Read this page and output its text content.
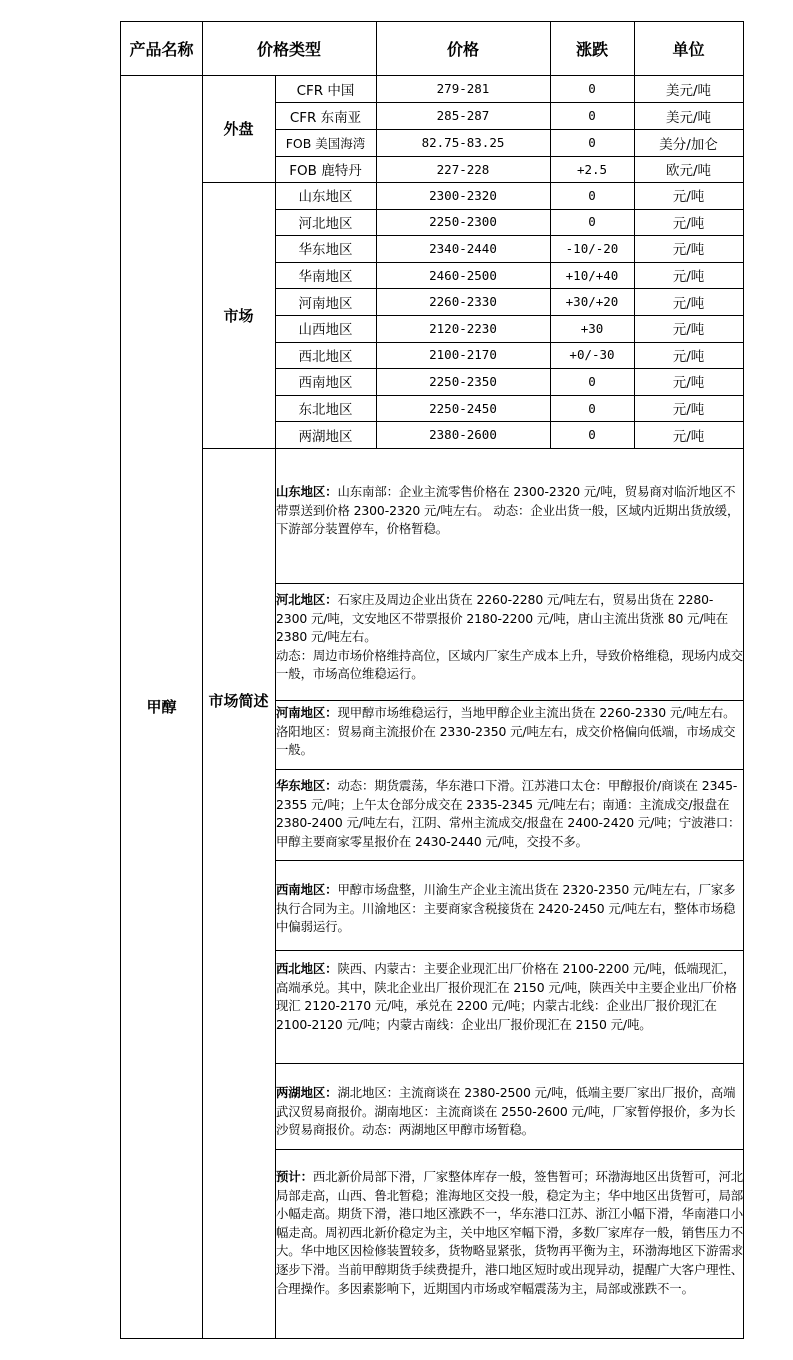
产品名称	价格类型	价格	涨跌	单位
甲醇
外盘
市场
市场简述
CFR 中国	279-281	0	美元/吨
CFR 东南亚	285-287	0	美元/吨
FOB 美国海湾	82.75-83.25	0	美分/加仑
FOB 鹿特丹	227-228	+2.5	欧元/吨
山东地区	2300-2320	0	元/吨
河北地区	2250-2300	0	元/吨
华东地区	2340-2440	-10/-20	元/吨
华南地区	2460-2500	+10/+40	元/吨
河南地区	2260-2330	+30/+20	元/吨
山西地区	2120-2230	+30	元/吨
西北地区	2100-2170	+0/-30	元/吨
西南地区	2250-2350	0	元/吨
东北地区	2250-2450	0	元/吨
两湖地区	2380-2600	0	元/吨
山东地区：山东南部：企业主流零售价格在 2300-2320 元/吨，贸易商对临沂地区不带票送到价格 2300-2320 元/吨左右。 动态：企业出货一般，区域内近期出货放缓，下游部分装置停车，价格暂稳。
河北地区：石家庄及周边企业出货在 2260-2280 元/吨左右，贸易出货在 2280-2300 元/吨，文安地区不带票报价 2180-2200 元/吨，唐山主流出货涨 80 元/吨在 2380 元/吨左右。
动态：周边市场价格维持高位，区域内厂家生产成本上升，导致价格维稳，现场内成交一般，市场高位维稳运行。
河南地区：现甲醇市场维稳运行，当地甲醇企业主流出货在 2260-2330 元/吨左右。洛阳地区：贸易商主流报价在 2330-2350 元/吨左右，成交价格偏向低端，市场成交一般。
华东地区：动态：期货震荡，华东港口下滑。江苏港口太仓：甲醇报价/商谈在 2345-2355 元/吨；上午太仓部分成交在 2335-2345 元/吨左右；南通：主流成交/报盘在 2380-2400 元/吨左右，江阴、常州主流成交/报盘在 2400-2420 元/吨；宁波港口：甲醇主要商家零星报价在 2430-2440 元/吨，交投不多。
西南地区：甲醇市场盘整，川渝生产企业主流出货在 2320-2350 元/吨左右，厂家多执行合同为主。川渝地区：主要商家含税接货在 2420-2450 元/吨左右，整体市场稳中偏弱运行。
西北地区：陕西、内蒙古：主要企业现汇出厂价格在 2100-2200 元/吨，低端现汇，高端承兑。其中，陕北企业出厂报价现汇在 2150 元/吨，陕西关中主要企业出厂价格现汇 2120-2170 元/吨，承兑在 2200 元/吨；内蒙古北线：企业出厂报价现汇在 2100-2120 元/吨；内蒙古南线：企业出厂报价现汇在 2150 元/吨。
两湖地区：湖北地区：主流商谈在 2380-2500 元/吨，低端主要厂家出厂报价，高端武汉贸易商报价。湖南地区：主流商谈在 2550-2600 元/吨，厂家暂停报价，多为长沙贸易商报价。动态：两湖地区甲醇市场暂稳。
预计：西北新价局部下滑，厂家整体库存一般，签售暂可；环渤海地区出货暂可，河北局部走高，山西、鲁北暂稳；淮海地区交投一般，稳定为主；华中地区出货暂可，局部小幅走高。期货下滑，港口地区涨跌不一，华东港口江苏、浙江小幅下滑，华南港口小幅走高。周初西北新价稳定为主，关中地区窄幅下滑，多数厂家库存一般，销售压力不大。华中地区因检修装置较多，货物略显紧张，货物再平衡为主，环渤海地区下游需求逐步下滑。当前甲醇期货手续费提升，港口地区短时或出现异动，提醒广大客户理性、合理操作。多因素影响下，近期国内市场或窄幅震荡为主，局部或涨跌不一。
